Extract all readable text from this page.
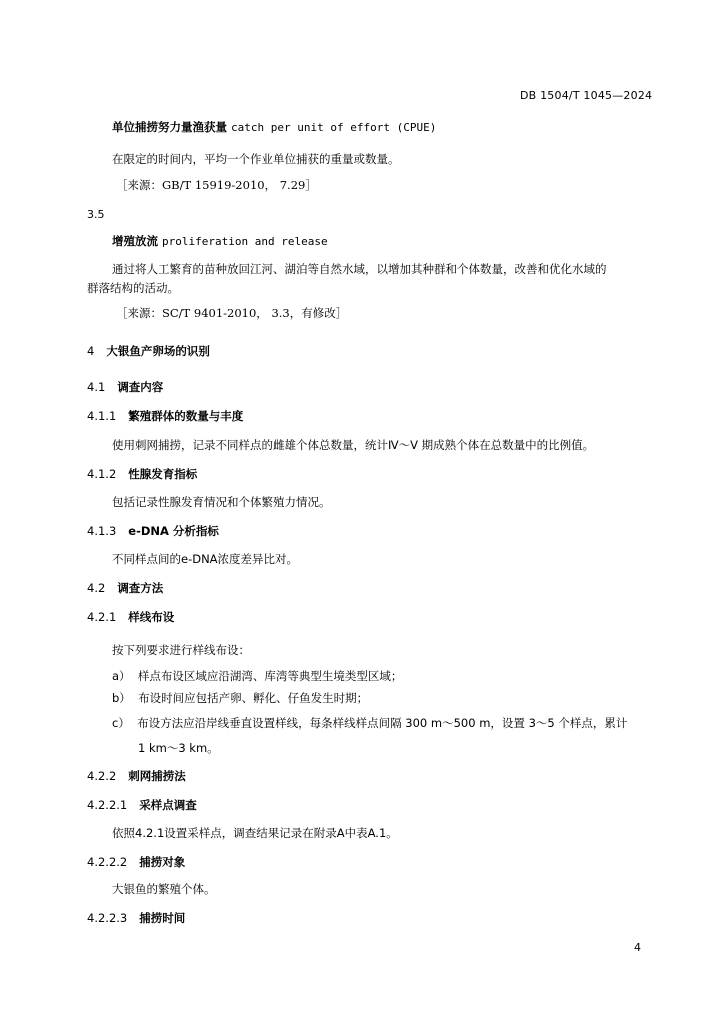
DB 1504/T 1045—2024
单位捕捞努力量渔获量 catch per unit of effort (CPUE)
在限定的时间内，平均一个作业单位捕获的重量或数量。
［来源：GB/T 15919-2010， 7.29］
3.5
增殖放流 proliferation and release
通过将人工繁育的苗种放回江河、湖泊等自然水域，以增加其种群和个体数量，改善和优化水域的
群落结构的活动。
［来源：SC/T 9401-2010， 3.3，有修改］
4 大银鱼产卵场的识别
4.1 调查内容
4.1.1 繁殖群体的数量与丰度
使用刺网捕捞，记录不同样点的雌雄个体总数量，统计Ⅳ～Ⅴ 期成熟个体在总数量中的比例值。
4.1.2 性腺发育指标
包括记录性腺发育情况和个体繁殖力情况。
4.1.3 e-DNA 分析指标
不同样点间的e-DNA浓度差异比对。
4.2 调查方法
4.2.1 样线布设
按下列要求进行样线布设：
a） 样点布设区域应沿湖湾、库湾等典型生境类型区域；
b） 布设时间应包括产卵、孵化、仔鱼发生时期；
c） 布设方法应沿岸线垂直设置样线，每条样线样点间隔 300 m～500 m，设置 3～5 个样点，累计
1 km～3 km。
4.2.2 刺网捕捞法
4.2.2.1 采样点调查
依照4.2.1设置采样点，调查结果记录在附录A中表A.1。
4.2.2.2 捕捞对象
大银鱼的繁殖个体。
4.2.2.3 捕捞时间
4
